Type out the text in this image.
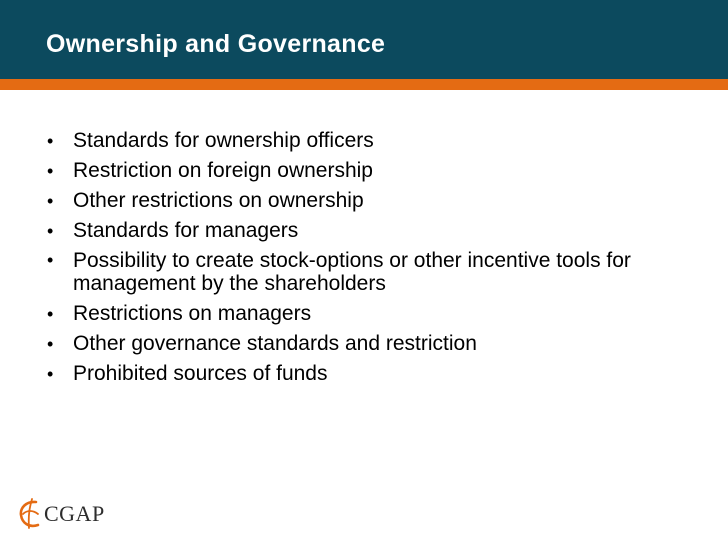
Ownership and Governance
• Standards for ownership officers
• Restriction on foreign ownership
• Other restrictions on ownership
• Standards for managers
• Possibility to create stock-options or other incentive tools for management by the shareholders
• Restrictions on managers
• Other governance standards and restriction
• Prohibited sources of funds
CGAP
